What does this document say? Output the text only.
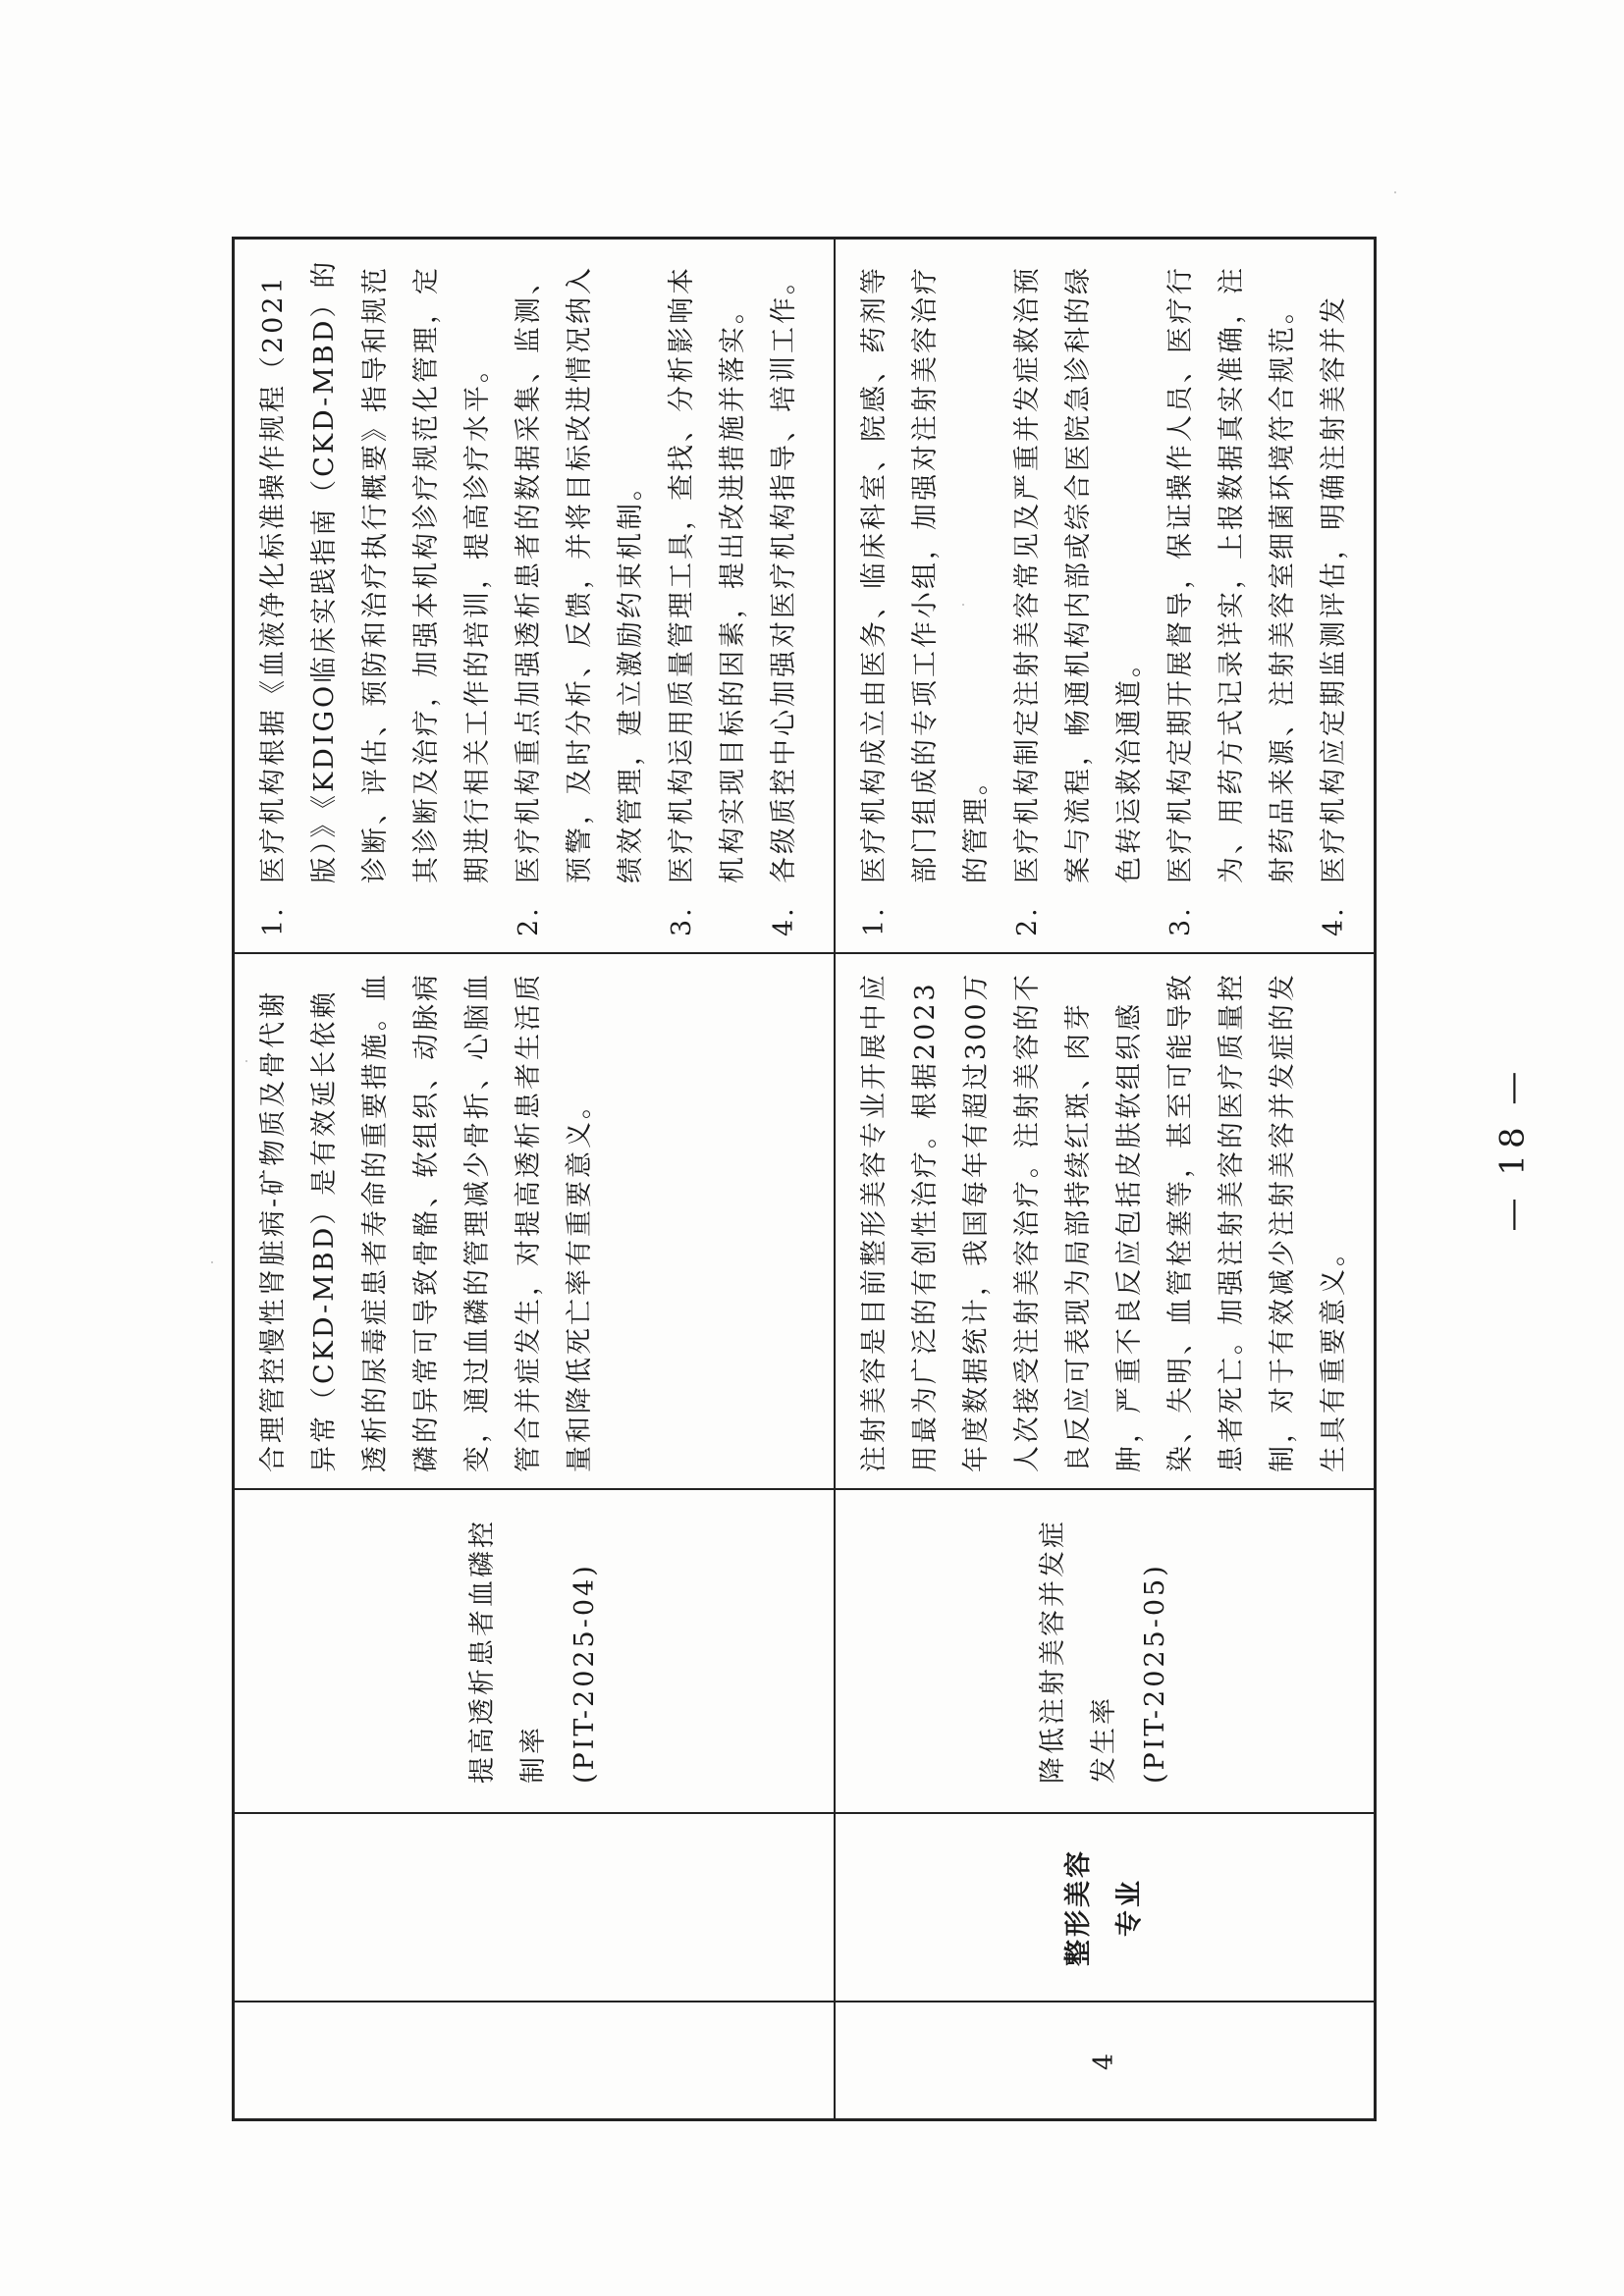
提高透析患者血磷控 制率 (PIT-2025-04)
合理管控慢性肾脏病-矿物质及骨代谢异常（CKD-MBD）是有效延长依赖透析的尿毒症患者寿命的重要措施。血磷的异常可导致骨骼、软组织、动脉病变，通过血磷的管理减少骨折、心脑血管合并症发生，对提高透析患者生活质量和降低死亡率有重要意义。
1.
医疗机构根据《血液净化标准操作规程（2021版）》《KDIGO临床实践指南（CKD-MBD）的诊断、评估、预防和治疗执行概要》指导和规范其诊断及治疗，加强本机构诊疗规范化管理，定期进行相关工作的培训，提高诊疗水平。
2.
医疗机构重点加强透析患者的数据采集、监测、预警，及时分析、反馈，并将目标改进情况纳入绩效管理，建立激励约束机制。
3.
医疗机构运用质量管理工具，查找、分析影响本机构实现目标的因素，提出改进措施并落实。
4.
各级质控中心加强对医疗机构指导、培训工作。
4
整形美容 专业
降低注射美容并发症 发生率 (PIT-2025-05)
注射美容是目前整形美容专业开展中应用最为广泛的有创性治疗。根据2023年度数据统计，我国每年有超过300万人次接受注射美容治疗。注射美容的不良反应可表现为局部持续红斑、肉芽肿，严重不良反应包括皮肤软组织感染、失明、血管栓塞等，甚至可能导致患者死亡。加强注射美容的医疗质量控制，对于有效减少注射美容并发症的发生具有重要意义。
1.
医疗机构成立由医务、临床科室、院感、药剂等部门组成的专项工作小组，加强对注射美容治疗的管理。
2.
医疗机构制定注射美容常见及严重并发症救治预案与流程，畅通机构内部或综合医院急诊科的绿色转运救治通道。
3.
医疗机构定期开展督导，保证操作人员、医疗行为、用药方式记录详实，上报数据真实准确，注射药品来源、注射美容室细菌环境符合规范。
4.
医疗机构应定期监测评估，明确注射美容并发
— 18 —
